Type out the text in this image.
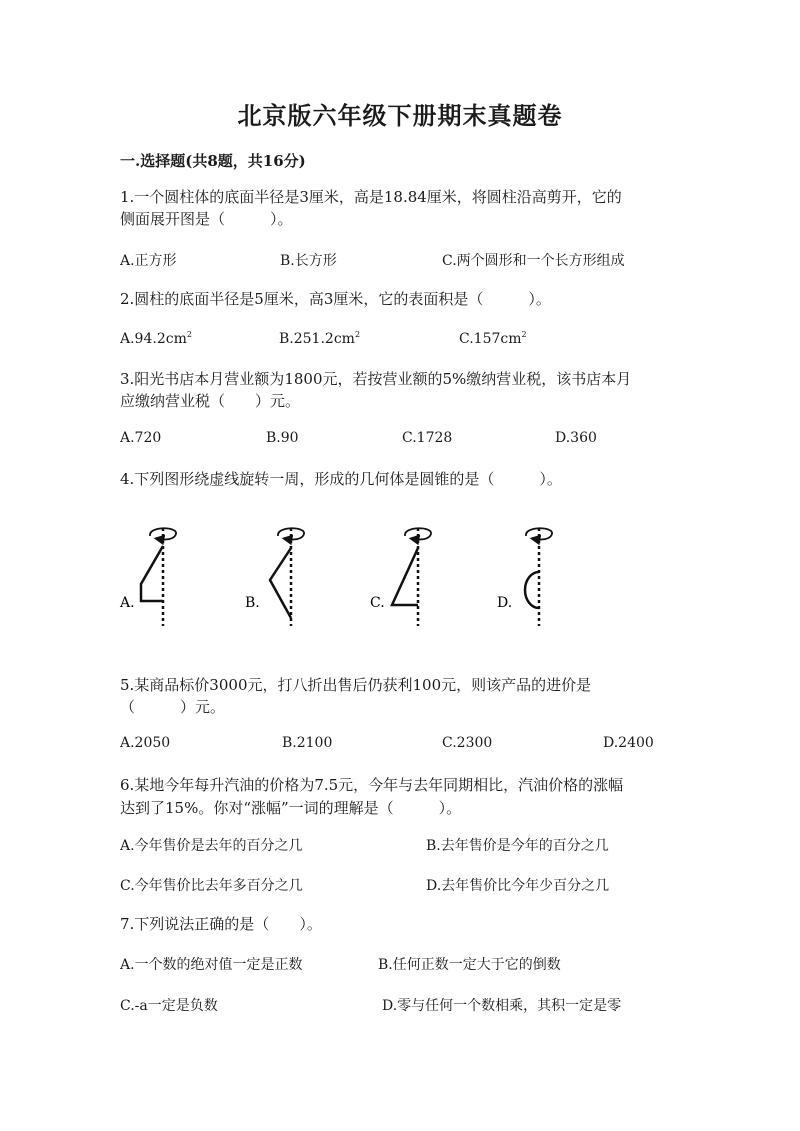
北京版六年级下册期末真题卷
一.选择题(共8题，共16分)
1.一个圆柱体的底面半径是3厘米，高是18.84厘米，将圆柱沿高剪开，它的
侧面展开图是（　　　）。
A.正方形	B.长方形	C.两个圆形和一个长方形组成
2.圆柱的底面半径是5厘米，高3厘米，它的表面积是（　　　）。
$A.94.2cm^2$	$B.251.2cm^2$	$C.157cm^2$
3.阳光书店本月营业额为1800元，若按营业额的5%缴纳营业税，该书店本月
应缴纳营业税（　　）元。
A.720	B.90	C.1728	D.360
4.下列图形绕虚线旋转一周，形成的几何体是圆锥的是（　　　）。
A.	B.	C.	D.
5.某商品标价3000元，打八折出售后仍获利100元，则该产品的进价是
（　　　）元。
A.2050	B.2100	C.2300	D.2400
6.某地今年每升汽油的价格为7.5元，今年与去年同期相比，汽油价格的涨幅
达到了15%。你对“涨幅”一词的理解是（　　　）。
A.今年售价是去年的百分之几	B.去年售价是今年的百分之几
C.今年售价比去年多百分之几	D.去年售价比今年少百分之几
7.下列说法正确的是（　　）。
A.一个数的绝对值一定是正数	B.任何正数一定大于它的倒数
C.-a一定是负数	D.零与任何一个数相乘，其积一定是零
